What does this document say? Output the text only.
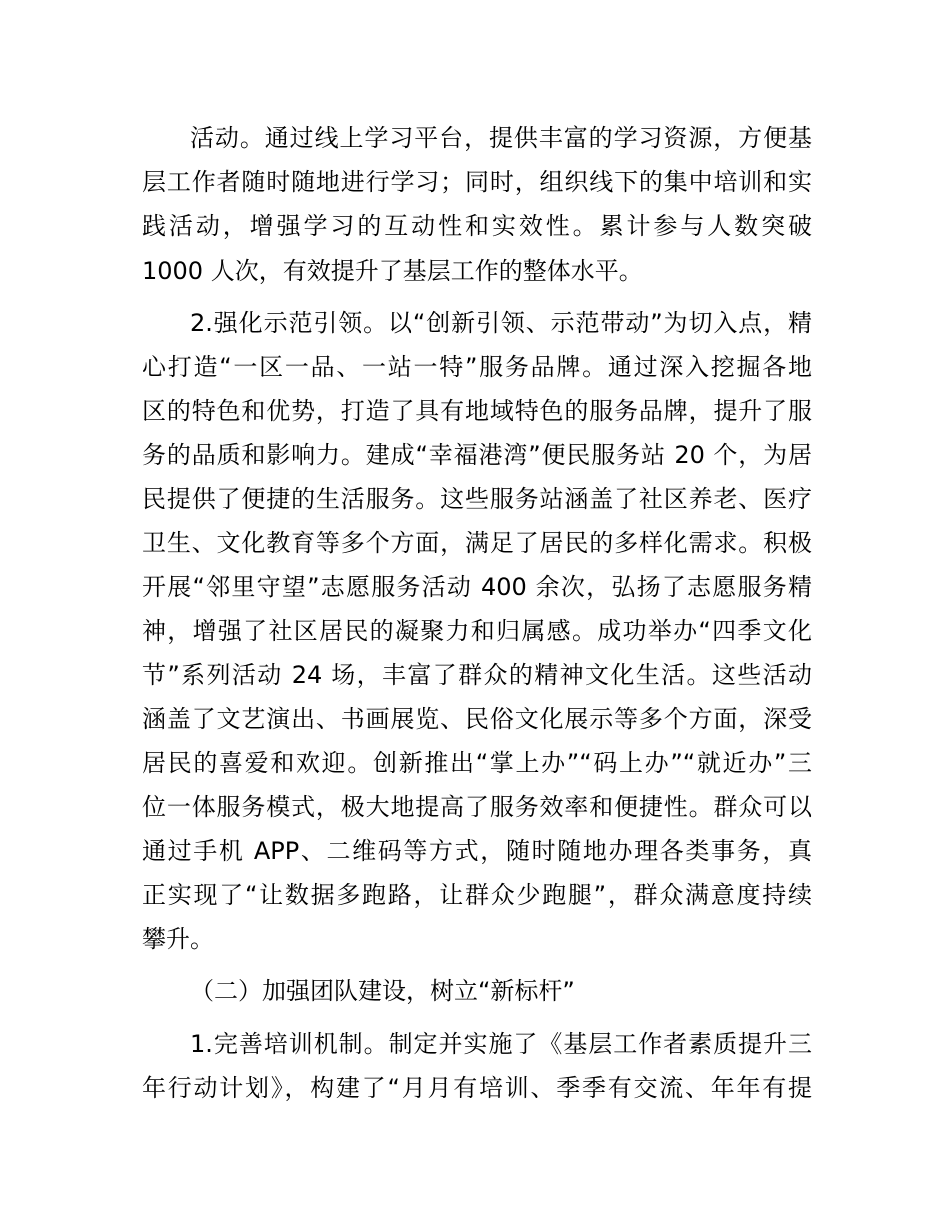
活动。通过线上学习平台，提供丰富的学习资源，方便基
层工作者随时随地进行学习；同时，组织线下的集中培训和实
践活动，增强学习的互动性和实效性。累计参与人数突破
1000 人次，有效提升了基层工作的整体水平。
2.强化示范引领。以“创新引领、示范带动”为切入点，精
心打造“一区一品、一站一特”服务品牌。通过深入挖掘各地
区的特色和优势，打造了具有地域特色的服务品牌，提升了服
务的品质和影响力。建成“幸福港湾”便民服务站 20 个，为居
民提供了便捷的生活服务。这些服务站涵盖了社区养老、医疗
卫生、文化教育等多个方面，满足了居民的多样化需求。积极
开展“邻里守望”志愿服务活动 400 余次，弘扬了志愿服务精
神，增强了社区居民的凝聚力和归属感。成功举办“四季文化
节”系列活动 24 场，丰富了群众的精神文化生活。这些活动
涵盖了文艺演出、书画展览、民俗文化展示等多个方面，深受
居民的喜爱和欢迎。创新推出“掌上办”“码上办”“就近办”三
位一体服务模式，极大地提高了服务效率和便捷性。群众可以
通过手机 APP、二维码等方式，随时随地办理各类事务，真
正实现了“让数据多跑路，让群众少跑腿”，群众满意度持续
攀升。
（二）加强团队建设，树立“新标杆”
1.完善培训机制。制定并实施了《基层工作者素质提升三
年行动计划》，构建了“月月有培训、季季有交流、年年有提
